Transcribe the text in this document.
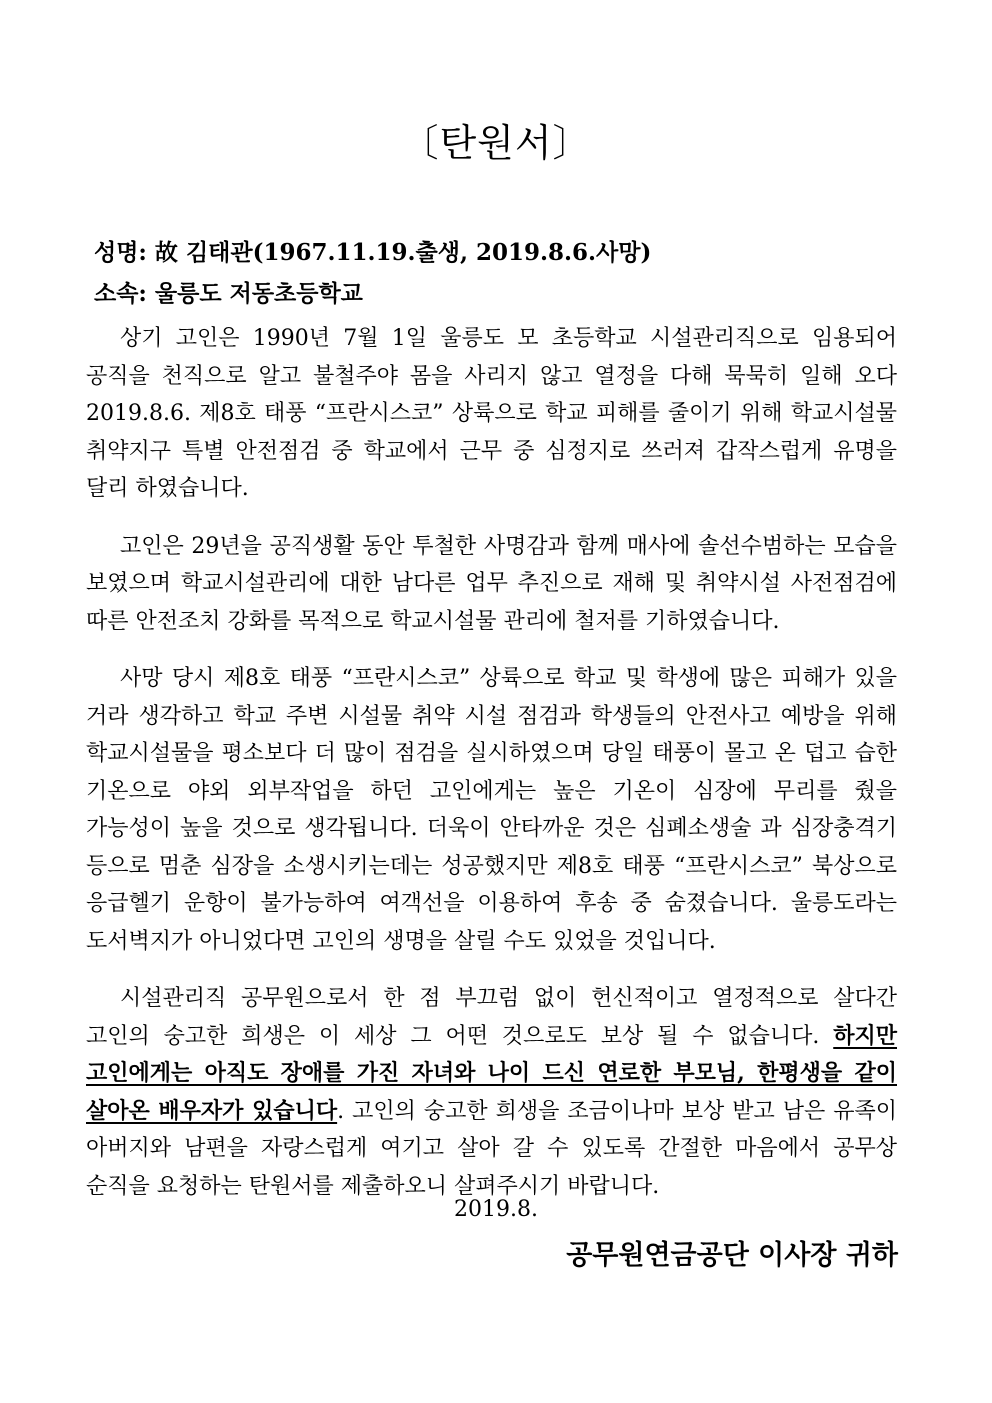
〔탄원서〕
성명: 故 김태관(1967.11.19.출생, 2019.8.6.사망)
소속: 울릉도 저동초등학교

상기 고인은 1990년 7월 1일 울릉도 모 초등학교 시설관리직으로 임용되어 공직을 천직으로 알고 불철주야 몸을 사리지 않고 열정을 다해 묵묵히 일해 오다 2019.8.6. 제8호 태풍 “프란시스코” 상륙으로 학교 피해를 줄이기 위해 학교시설물 취약지구 특별 안전점검 중 학교에서 근무 중 심정지로 쓰러져 갑작스럽게 유명을 달리 하였습니다.

고인은 29년을 공직생활 동안 투철한 사명감과 함께 매사에 솔선수범하는 모습을 보였으며 학교시설관리에 대한 남다른 업무 추진으로 재해 및 취약시설 사전점검에 따른 안전조치 강화를 목적으로 학교시설물 관리에 철저를 기하였습니다.

사망 당시 제8호 태풍 “프란시스코” 상륙으로 학교 및 학생에 많은 피해가 있을 거라 생각하고 학교 주변 시설물 취약 시설 점검과 학생들의 안전사고 예방을 위해 학교시설물을 평소보다 더 많이 점검을 실시하였으며 당일 태풍이 몰고 온 덥고 습한 기온으로 야외 외부작업을 하던 고인에게는 높은 기온이 심장에 무리를 줬을 가능성이 높을 것으로 생각됩니다. 더욱이 안타까운 것은 심폐소생술 과 심장충격기 등으로 멈춘 심장을 소생시키는데는 성공했지만 제8호 태풍 “프란시스코” 북상으로 응급헬기 운항이 불가능하여 여객선을 이용하여 후송 중 숨졌습니다. 울릉도라는 도서벽지가 아니었다면 고인의 생명을 살릴 수도 있었을 것입니다.

시설관리직 공무원으로서 한 점 부끄럼 없이 헌신적이고 열정적으로 살다간 고인의 숭고한 희생은 이 세상 그 어떤 것으로도 보상 될 수 없습니다. 하지만 고인에게는 아직도 장애를 가진 자녀와 나이 드신 연로한 부모님, 한평생을 같이 살아온 배우자가 있습니다. 고인의 숭고한 희생을 조금이나마 보상 받고 남은 유족이 아버지와 남편을 자랑스럽게 여기고 살아 갈 수 있도록 간절한 마음에서 공무상 순직을 요청하는 탄원서를 제출하오니 살펴주시기 바랍니다.

2019.8.
공무원연금공단 이사장 귀하
